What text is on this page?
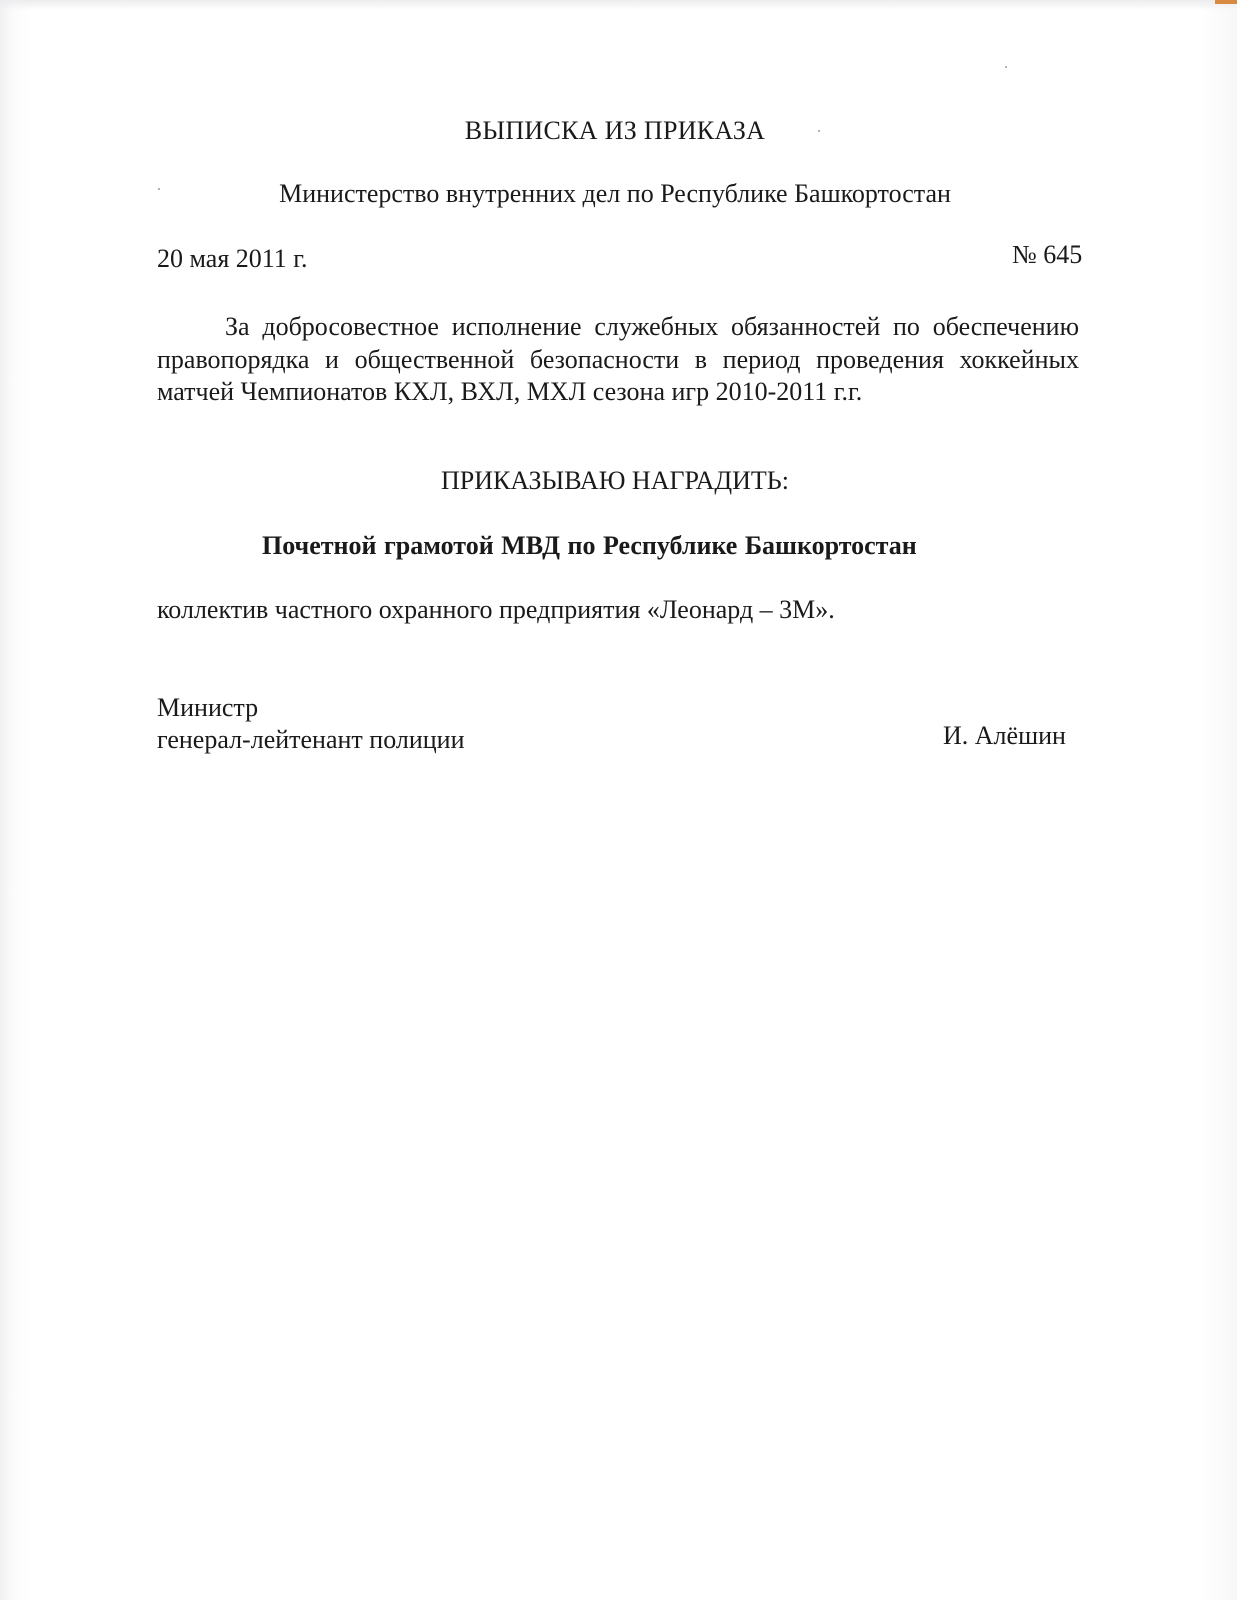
ВЫПИСКА ИЗ ПРИКАЗА
Министерство внутренних дел по Республике Башкортостан
20 мая 2011 г.	№ 645
За добросовестное исполнение служебных обязанностей по обеспечению правопорядка и общественной безопасности в период проведения хоккейных матчей Чемпионатов КХЛ, ВХЛ, МХЛ сезона игр 2010-2011 г.г.
ПРИКАЗЫВАЮ НАГРАДИТЬ:
Почетной грамотой МВД по Республике Башкортостан
коллектив частного охранного предприятия «Леонард – 3М».
Министр
генерал-лейтенант полиции	И. Алёшин
